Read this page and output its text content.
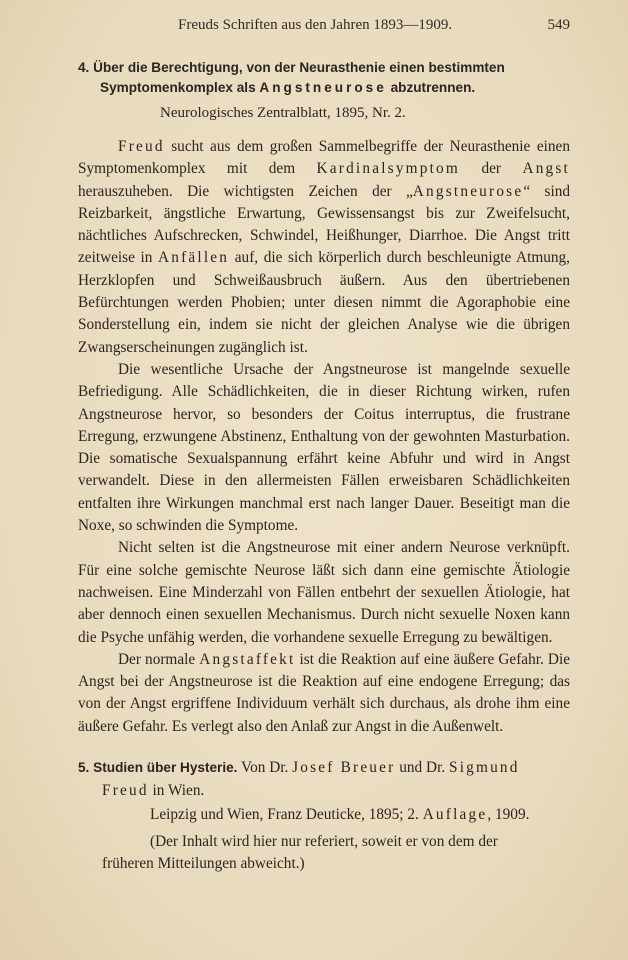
Freuds Schriften aus den Jahren 1893—1909.	549
4. Über die Berechtigung, von der Neurasthenie einen bestimmten
Symptomenkomplex als Angstneurose abzutrennen.
Neurologisches Zentralblatt, 1895, Nr. 2.

Freud sucht aus dem großen Sammelbegriffe der Neurasthenie einen Symptomenkomplex mit dem Kardinalsymptom der Angst herauszuheben. Die wichtigsten Zeichen der „Angstneurose“ sind Reizbarkeit, ängstliche Erwartung, Gewissensangst bis zur Zweifelsucht, nächtliches Aufschrecken, Schwindel, Heißhunger, Diarrhoe. Die Angst tritt zeitweise in Anfällen auf, die sich körperlich durch beschleunigte Atmung, Herzklopfen und Schweißausbruch äußern. Aus den übertriebenen Befürchtungen werden Phobien; unter diesen nimmt die Agoraphobie eine Sonderstellung ein, indem sie nicht der gleichen Analyse wie die übrigen Zwangserscheinungen zugänglich ist.

Die wesentliche Ursache der Angstneurose ist mangelnde sexuelle Befriedigung. Alle Schädlichkeiten, die in dieser Richtung wirken, rufen Angstneurose hervor, so besonders der Coitus interruptus, die frustrane Erregung, erzwungene Abstinenz, Enthaltung von der gewohnten Masturbation. Die somatische Sexualspannung erfährt keine Abfuhr und wird in Angst verwandelt. Diese in den allermeisten Fällen erweisbaren Schädlichkeiten entfalten ihre Wirkungen manchmal erst nach langer Dauer. Beseitigt man die Noxe, so schwinden die Symptome.

Nicht selten ist die Angstneurose mit einer andern Neurose verknüpft. Für eine solche gemischte Neurose läßt sich dann eine gemischte Ätiologie nachweisen. Eine Minderzahl von Fällen entbehrt der sexuellen Ätiologie, hat aber dennoch einen sexuellen Mechanismus. Durch nicht sexuelle Noxen kann die Psyche unfähig werden, die vorhandene sexuelle Erregung zu bewältigen.

Der normale Angstaffekt ist die Reaktion auf eine äußere Gefahr. Die Angst bei der Angstneurose ist die Reaktion auf eine endogene Erregung; das von der Angst ergriffene Individuum verhält sich durchaus, als drohe ihm eine äußere Gefahr. Es verlegt also den Anlaß zur Angst in die Außenwelt.

5. Studien über Hysterie. Von Dr. Josef Breuer und Dr. Sigmund
Freud in Wien.
Leipzig und Wien, Franz Deuticke, 1895; 2. Auflage, 1909.
(Der Inhalt wird hier nur referiert, soweit er von dem der
früheren Mitteilungen abweicht.)
